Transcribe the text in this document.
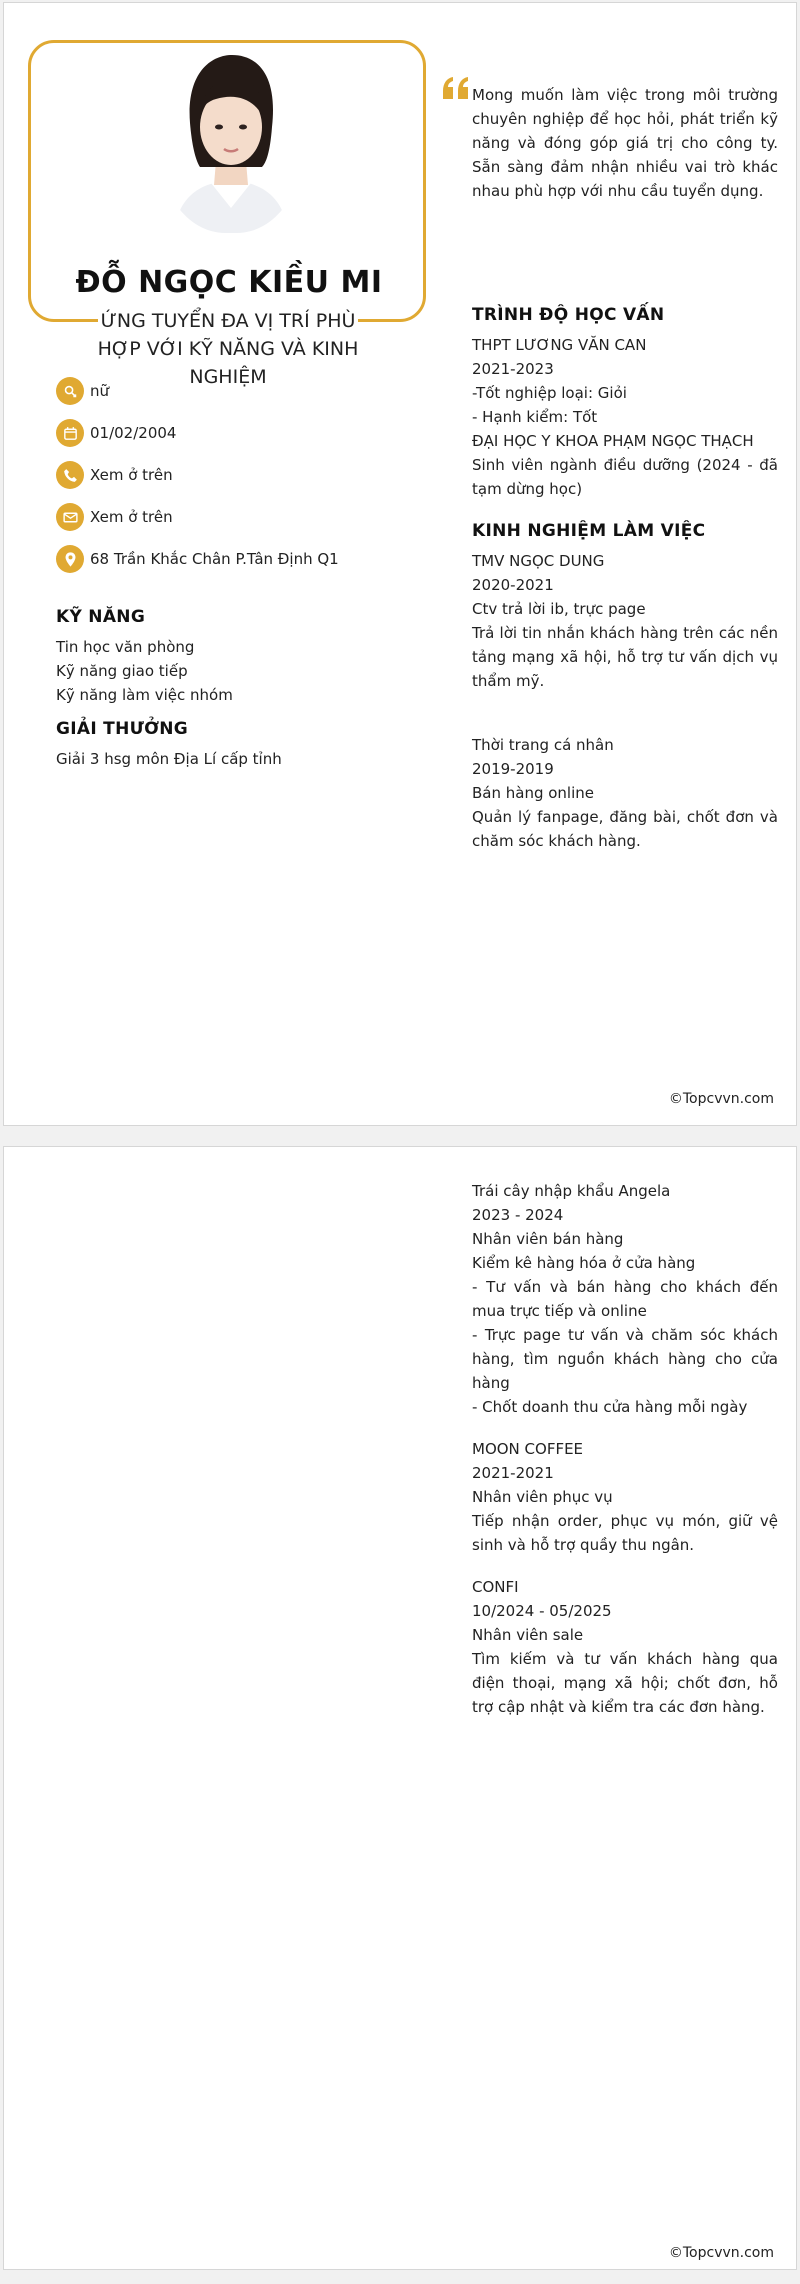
ĐỖ NGỌC KIỀU MI
ỨNG TUYỂN ĐA VỊ TRÍ PHÙ HỢP VỚI KỸ NĂNG VÀ KINH NGHIỆM
nữ
01/02/2004
Xem ở trên
Xem ở trên
68 Trần Khắc Chân P.Tân Định Q1
KỸ NĂNG
Tin học văn phòng
Kỹ năng giao tiếp
Kỹ năng làm việc nhóm
GIẢI THƯỞNG
Giải 3 hsg môn Địa Lí cấp tỉnh
Mong muốn làm việc trong môi trường chuyên nghiệp để học hỏi, phát triển kỹ năng và đóng góp giá trị cho công ty. Sẵn sàng đảm nhận nhiều vai trò khác nhau phù hợp với nhu cầu tuyển dụng.
TRÌNH ĐỘ HỌC VẤN
THPT LƯƠNG VĂN CAN
2021-2023
-Tốt nghiệp loại: Giỏi
- Hạnh kiểm: Tốt
ĐẠI HỌC Y KHOA PHẠM NGỌC THẠCH
Sinh viên ngành điều dưỡng (2024 - đã tạm dừng học)
KINH NGHIỆM LÀM VIỆC
TMV NGỌC DUNG
2020-2021
Ctv trả lời ib, trực page
Trả lời tin nhắn khách hàng trên các nền tảng mạng xã hội, hỗ trợ tư vấn dịch vụ thẩm mỹ.
Thời trang cá nhân
2019-2019
Bán hàng online
Quản lý fanpage, đăng bài, chốt đơn và chăm sóc khách hàng.
©Topcvvn.com
Trái cây nhập khẩu Angela
2023 - 2024
Nhân viên bán hàng
Kiểm kê hàng hóa ở cửa hàng
- Tư vấn và bán hàng cho khách đến mua trực tiếp và online
- Trực page tư vấn và chăm sóc khách hàng, tìm nguồn khách hàng cho cửa hàng
- Chốt doanh thu cửa hàng mỗi ngày
MOON COFFEE
2021-2021
Nhân viên phục vụ
Tiếp nhận order, phục vụ món, giữ vệ sinh và hỗ trợ quầy thu ngân.
CONFI
10/2024 - 05/2025
Nhân viên sale
Tìm kiếm và tư vấn khách hàng qua điện thoại, mạng xã hội; chốt đơn, hỗ trợ cập nhật và kiểm tra các đơn hàng.
©Topcvvn.com
